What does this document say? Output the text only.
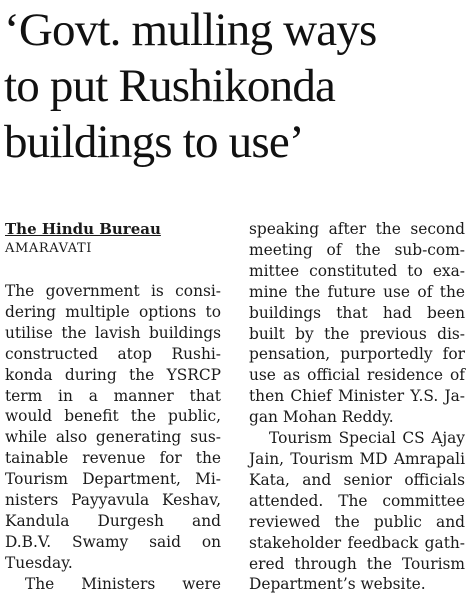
‘Govt. mulling ways
to put Rushikonda
buildings to use’
The Hindu Bureau
AMARAVATI
The government is consi-
dering multiple options to
utilise the lavish buildings
constructed atop Rushi-
konda during the YSRCP
term in a manner that
would benefit the public,
while also generating sus-
tainable revenue for the
Tourism Department, Mi-
nisters Payyavula Keshav,
Kandula Durgesh and
D.B.V. Swamy said on
Tuesday.
The Ministers were
speaking after the second
meeting of the sub-com-
mittee constituted to exa-
mine the future use of the
buildings that had been
built by the previous dis-
pensation, purportedly for
use as official residence of
then Chief Minister Y.S. Ja-
gan Mohan Reddy.
Tourism Special CS Ajay
Jain, Tourism MD Amrapali
Kata, and senior officials
attended. The committee
reviewed the public and
stakeholder feedback gath-
ered through the Tourism
Department’s website.
